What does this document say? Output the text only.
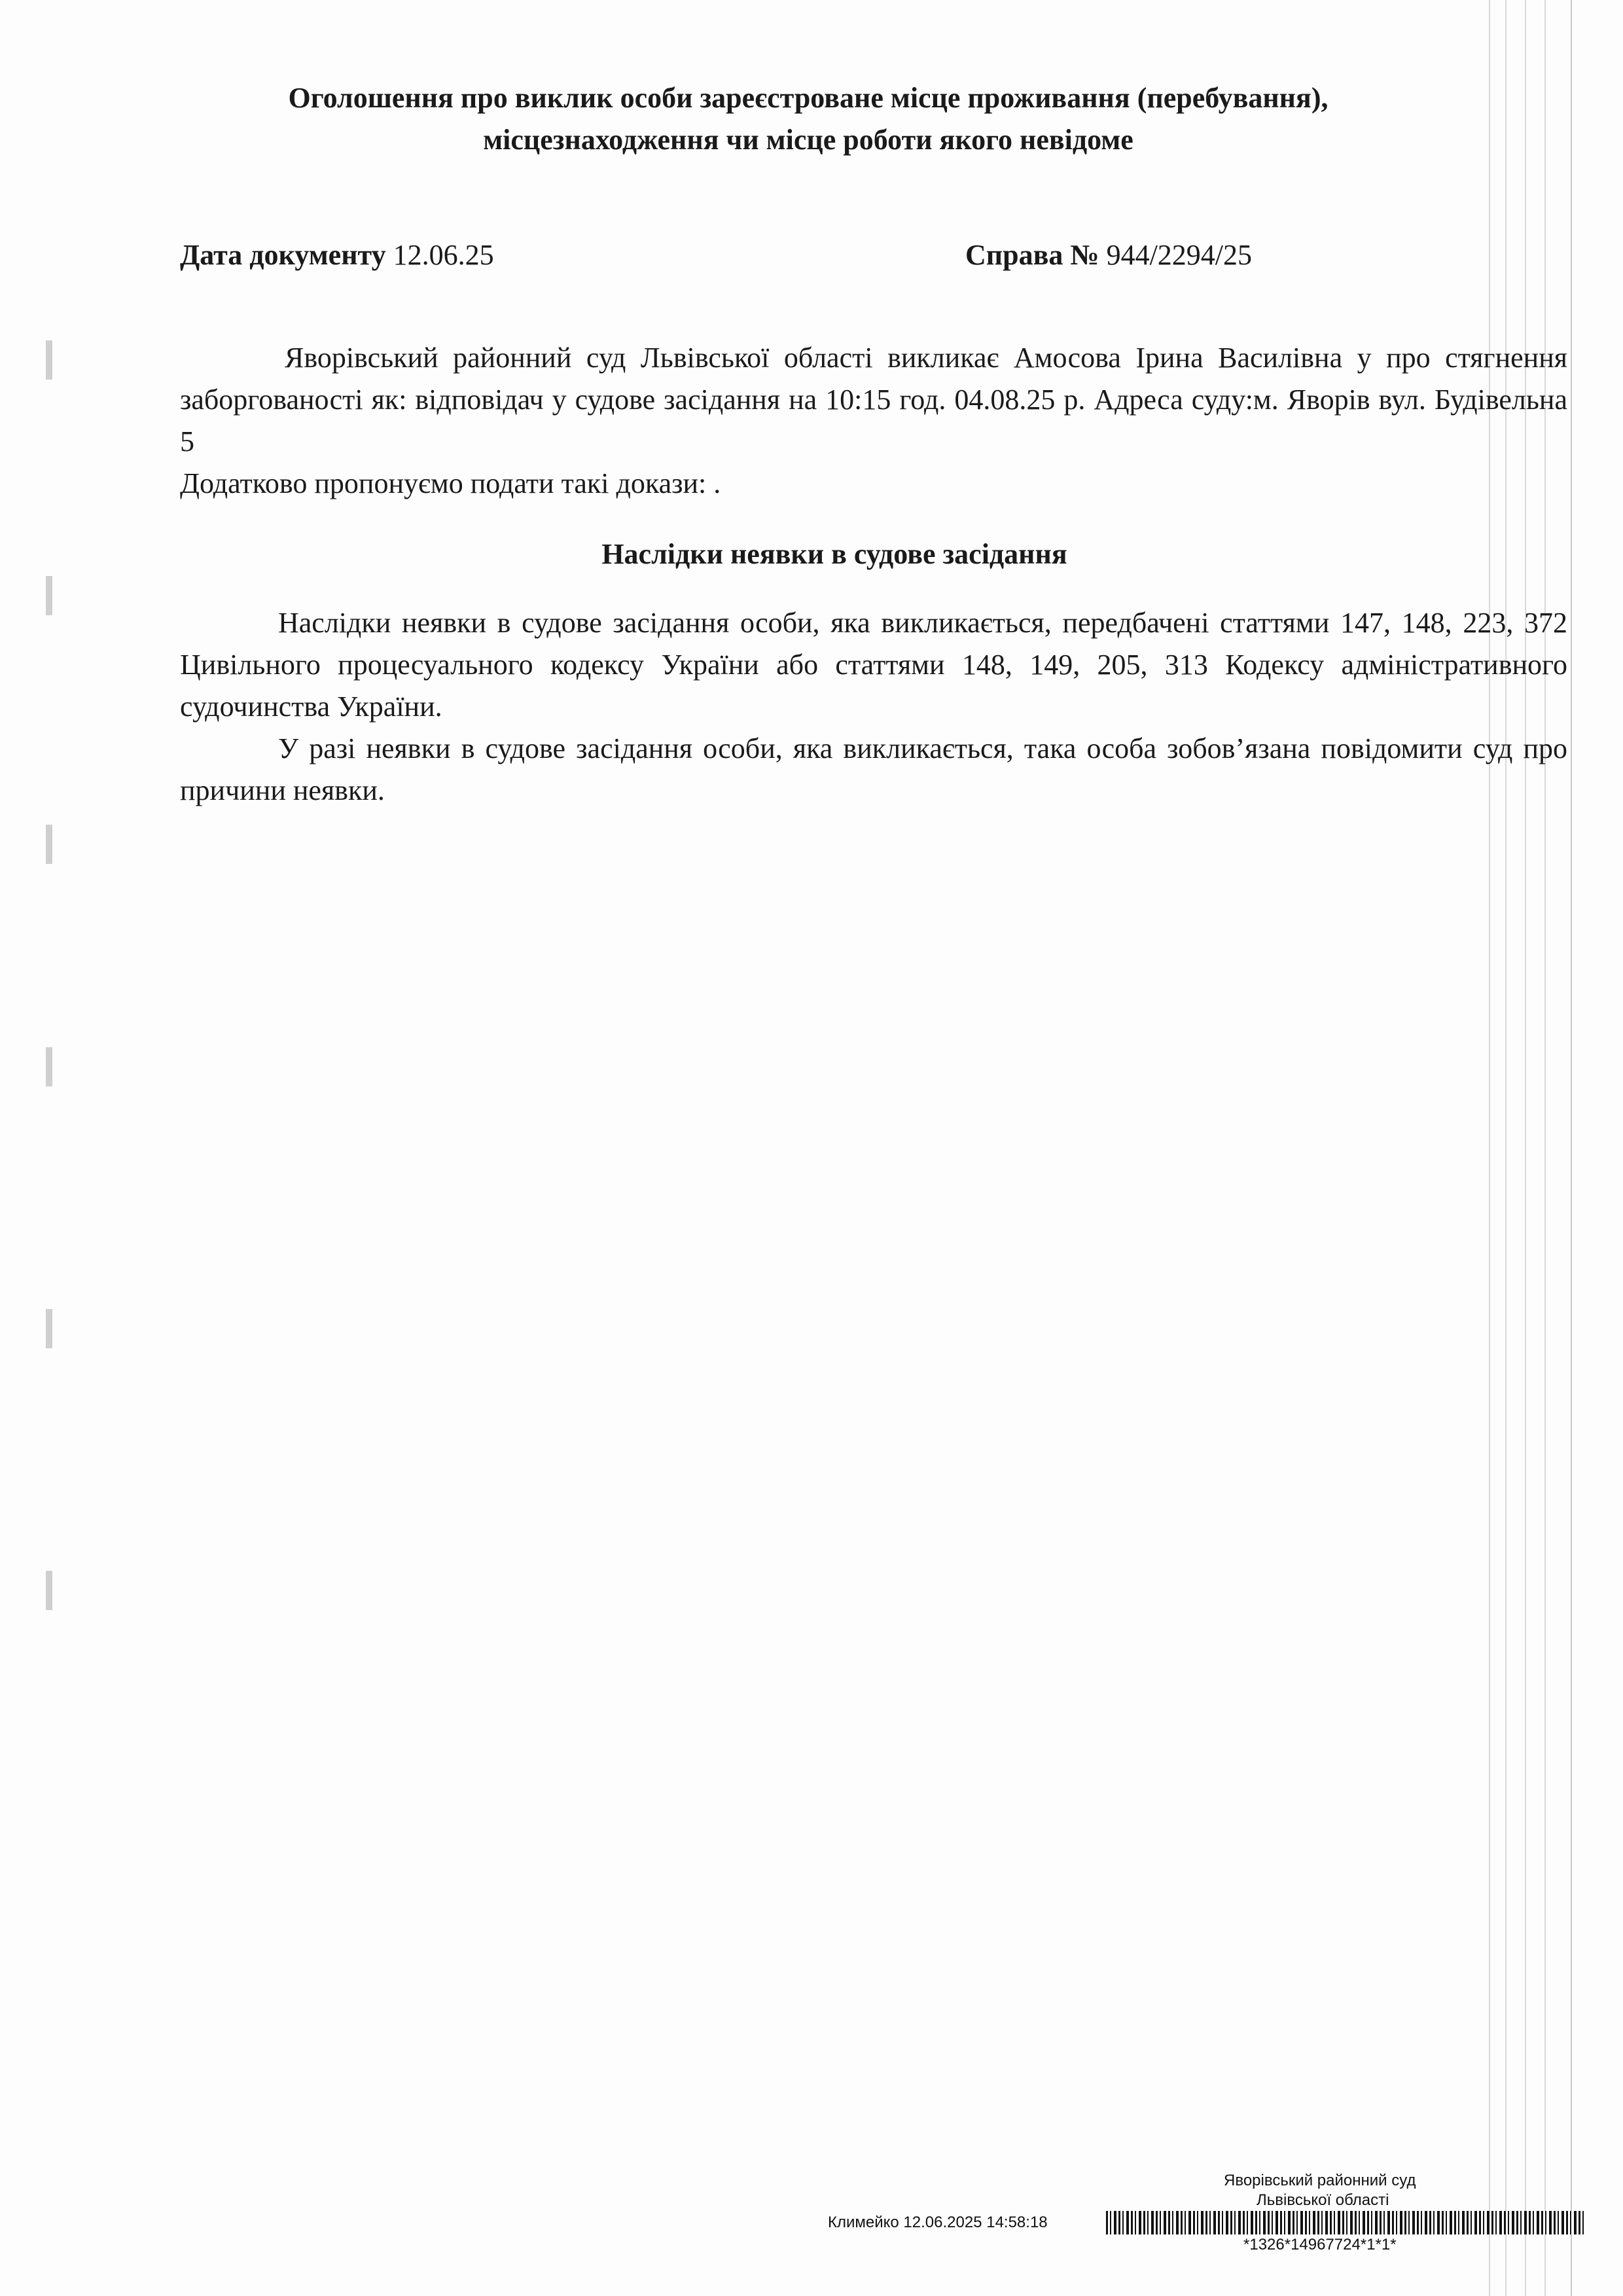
Оголошення про виклик особи зареєстроване місце проживання (перебування),
місцезнаходження чи місце роботи якого невідоме
Дата документу 12.06.25	Справа № 944/2294/25

Яворівський районний суд Львівської області викликає Амосова Ірина Василівна у про стягнення заборгованості як: відповідач у судове засідання на 10:15 год. 04.08.25 р. Адреса суду:м. Яворів вул. Будівельна 5

Додатково пропонуємо подати такі докази: .

Наслідки неявки в судове засідання

Наслідки неявки в судове засідання особи, яка викликається, передбачені статтями 147, 148, 223, 372 Цивільного процесуального кодексу України або статтями 148, 149, 205, 313 Кодексу адміністративного судочинства України.

У разі неявки в судове засідання особи, яка викликається, така особа зобов’язана повідомити суд про причини неявки.

Яворівський районний суд
Львівської області
Климейко 12.06.2025 14:58:18
*1326*14967724*1*1*
